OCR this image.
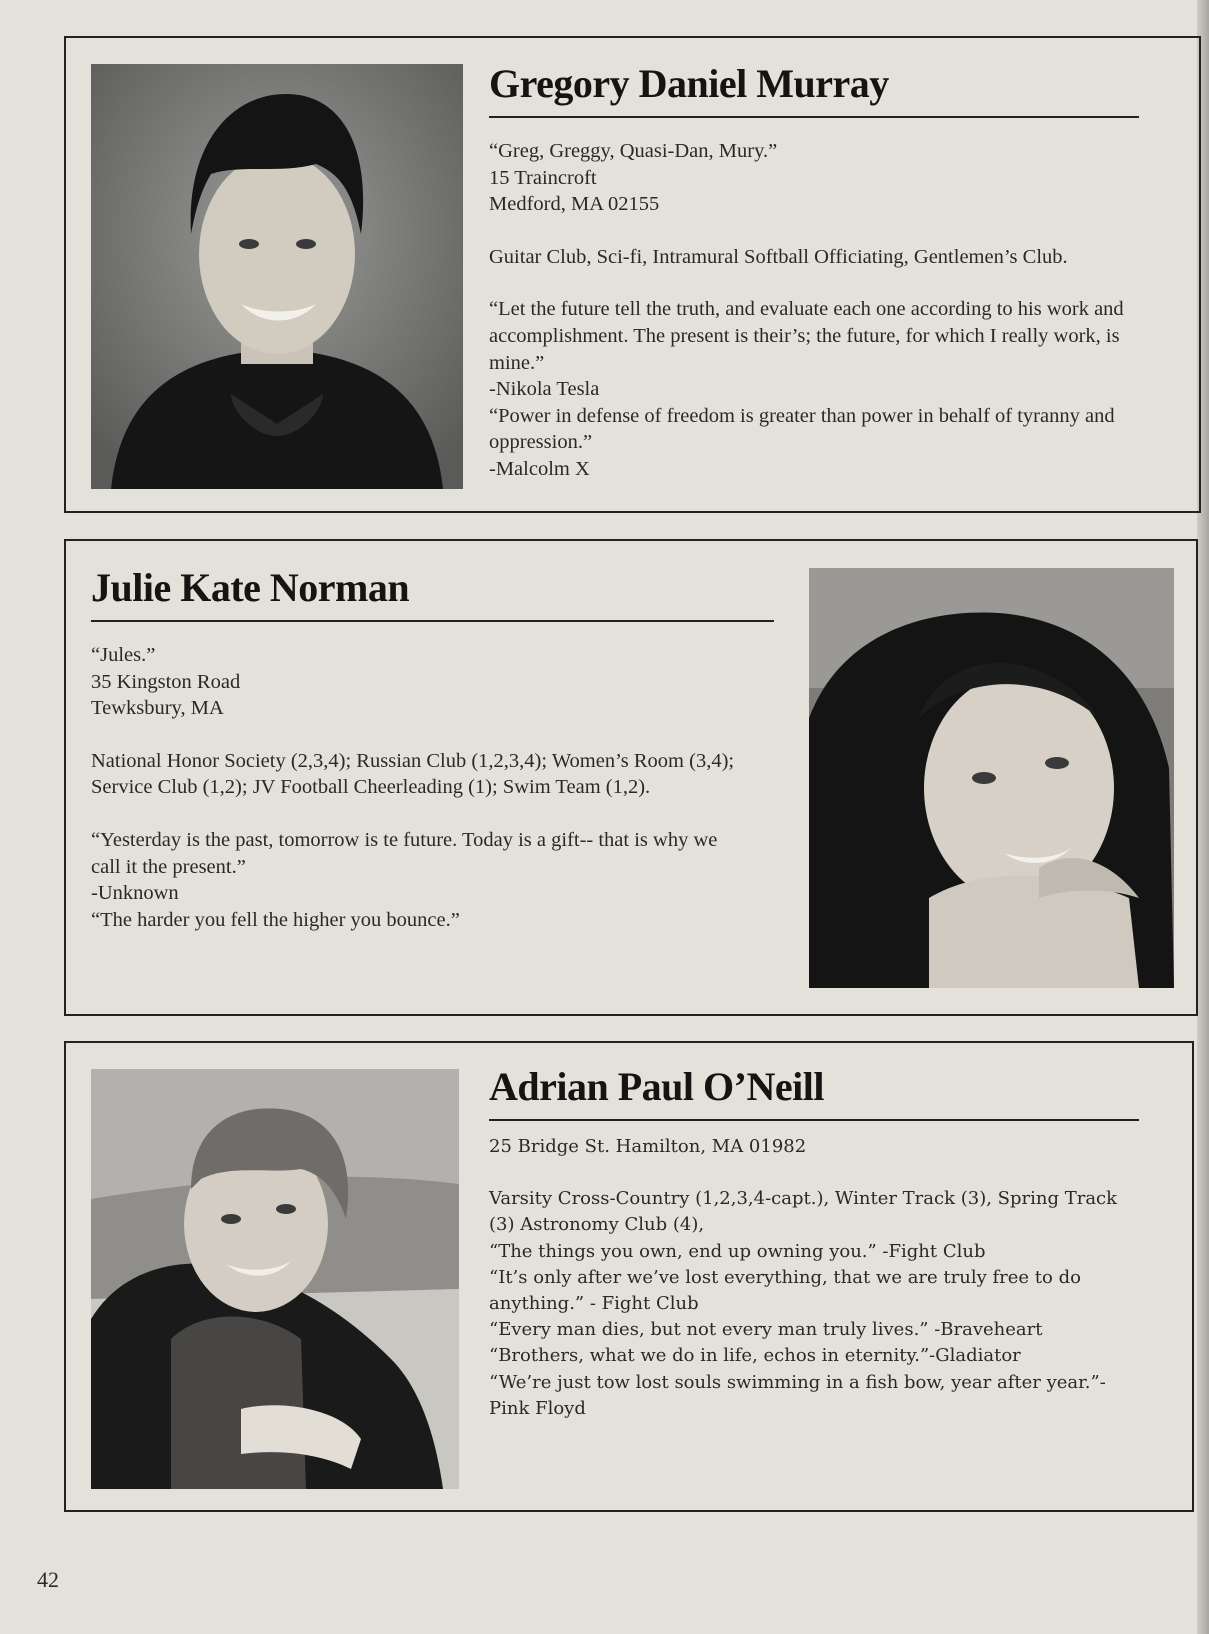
Gregory Daniel Murray
“Greg, Greggy, Quasi-Dan, Mury.”
15 Traincroft
Medford, MA 02155
Guitar Club, Sci-fi, Intramural Softball Officiating, Gentlemen’s Club.
“Let the future tell the truth, and evaluate each one according to his work and
accomplishment. The present is their’s; the future, for which I really work, is
mine.”
-Nikola Tesla
“Power in defense of freedom is greater than power in behalf of tyranny and
oppression.”
-Malcolm X
Julie Kate Norman
“Jules.”
35 Kingston Road
Tewksbury, MA
National Honor Society (2,3,4); Russian Club (1,2,3,4); Women’s Room (3,4);
Service Club (1,2); JV Football Cheerleading (1); Swim Team (1,2).
“Yesterday is the past, tomorrow is te future. Today is a gift-- that is why we
call it the present.”
-Unknown
“The harder you fell the higher you bounce.”
Adrian Paul O’Neill
25 Bridge St. Hamilton, MA 01982
Varsity Cross-Country (1,2,3,4-capt.), Winter Track (3), Spring Track
(3) Astronomy Club (4),
“The things you own, end up owning you.” -Fight Club
“It’s only after we’ve lost everything, that we are truly free to do
anything.” - Fight Club
“Every man dies, but not every man truly lives.” -Braveheart
“Brothers, what we do in life, echos in eternity.”-Gladiator
“We’re just tow lost souls swimming in a fish bow, year after year.”-
Pink Floyd
42
